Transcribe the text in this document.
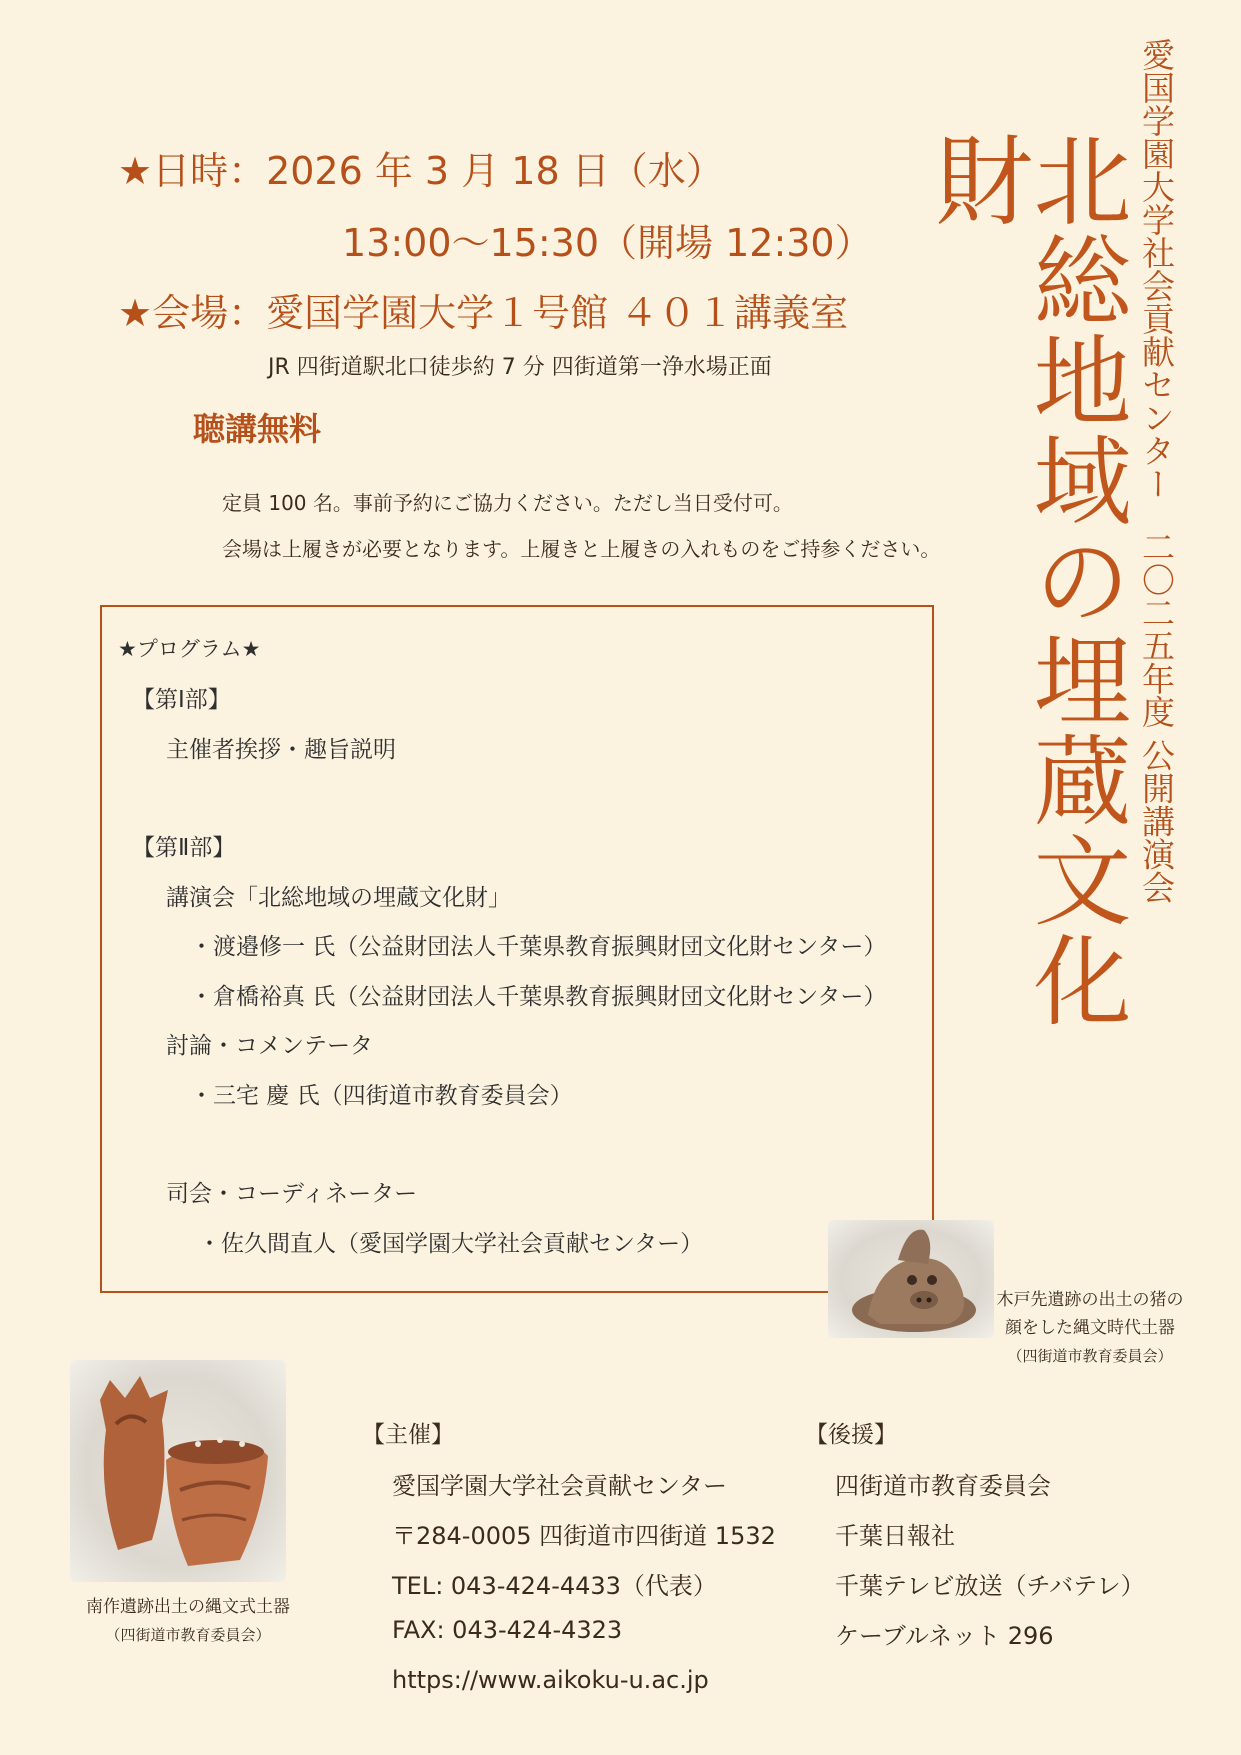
★日時：2026 年 3 月 18 日（水）
13:00～15:30（開場 12:30）
★会場：愛国学園大学１号館 ４０１講義室
JR 四街道駅北口徒歩約 7 分 四街道第一浄水場正面
聴講無料
定員 100 名。事前予約にご協力ください。ただし当日受付可。
会場は上履きが必要となります。上履きと上履きの入れものをご持参ください。
愛国学園大学社会貢献センター二〇二五年度 公開講演会
北総地域の埋蔵文化財
★プログラム★
【第Ⅰ部】
主催者挨拶・趣旨説明
【第Ⅱ部】
講演会「北総地域の埋蔵文化財」
・渡邉修一 氏（公益財団法人千葉県教育振興財団文化財センター）
・倉橋裕真 氏（公益財団法人千葉県教育振興財団文化財センター）
討論・コメンテータ
・三宅 慶 氏（四街道市教育委員会）
司会・コーディネーター
・佐久間直人（愛国学園大学社会貢献センター）
木戸先遺跡の出土の猪の
顔をした縄文時代土器
（四街道市教育委員会）
南作遺跡出土の縄文式土器
（四街道市教育委員会）
【主催】
愛国学園大学社会貢献センター
〒284-0005 四街道市四街道 1532
TEL: 043-424-4433（代表）
FAX: 043-424-4323
https://www.aikoku-u.ac.jp
【後援】
四街道市教育委員会
千葉日報社
千葉テレビ放送（チバテレ）
ケーブルネット 296
